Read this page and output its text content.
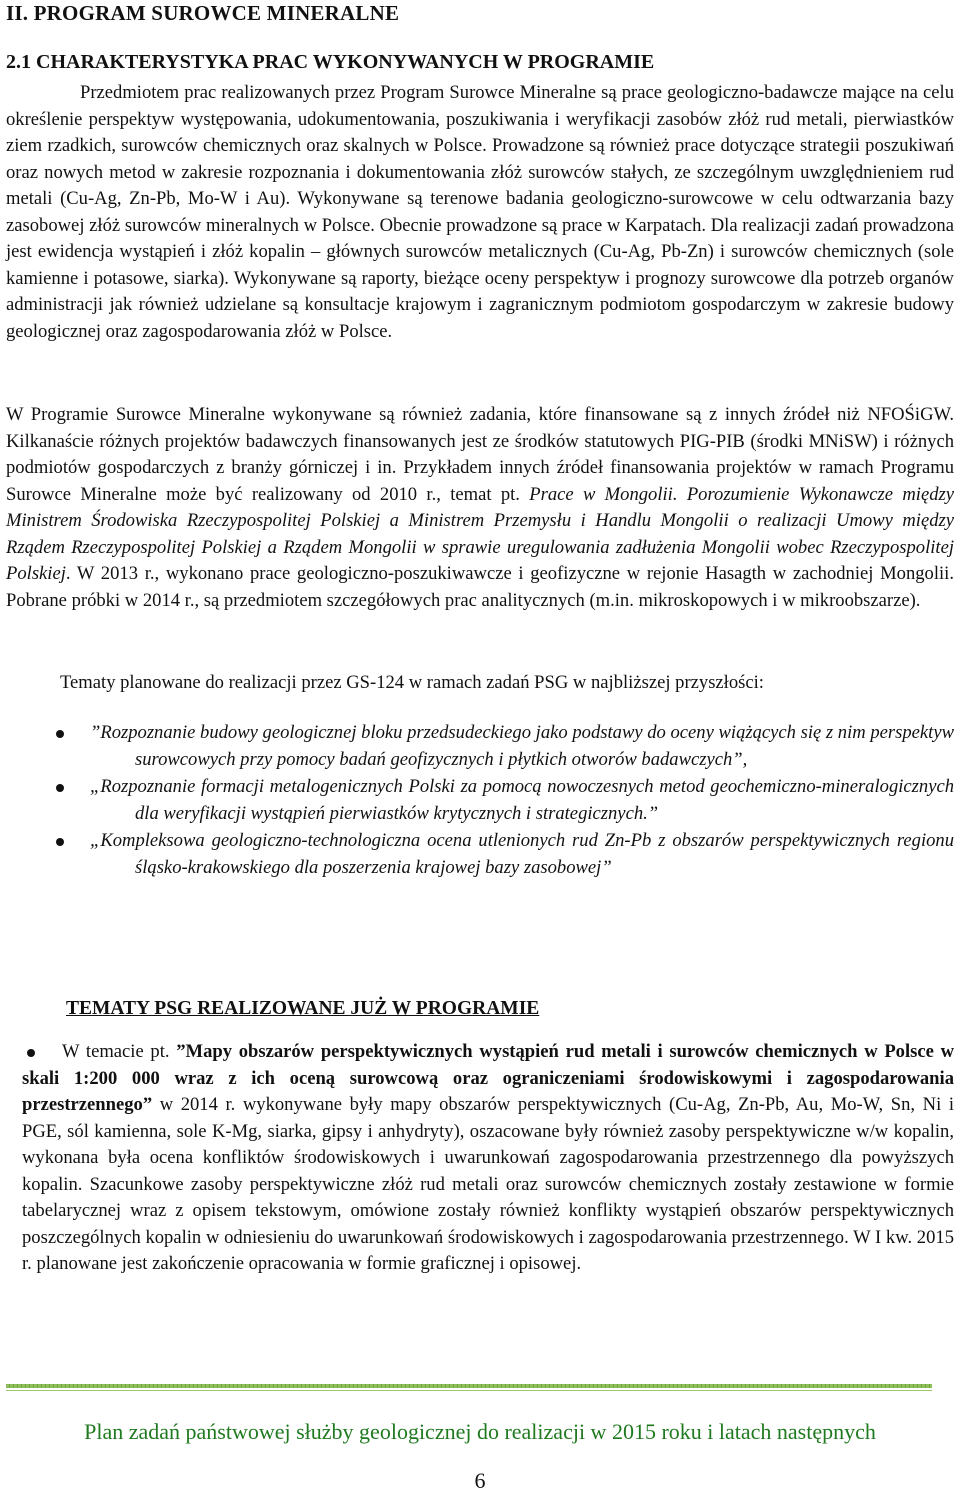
II. PROGRAM SUROWCE MINERALNE
2.1 CHARAKTERYSTYKA PRAC WYKONYWANYCH W PROGRAMIE
Przedmiotem prac realizowanych przez Program Surowce Mineralne są prace geologiczno-badawcze mające na celu określenie perspektyw występowania, udokumentowania, poszukiwania i weryfikacji zasobów złóż rud metali, pierwiastków ziem rzadkich, surowców chemicznych oraz skalnych w Polsce. Prowadzone są również prace dotyczące strategii poszukiwań oraz nowych metod w zakresie rozpoznania i dokumentowania złóż surowców stałych, ze szczególnym uwzględnieniem rud metali (Cu-Ag, Zn-Pb, Mo-W i Au). Wykonywane są terenowe badania geologiczno-surowcowe w celu odtwarzania bazy zasobowej złóż surowców mineralnych w Polsce. Obecnie prowadzone są prace w Karpatach. Dla realizacji zadań prowadzona jest ewidencja wystąpień i złóż kopalin – głównych surowców metalicznych (Cu-Ag, Pb-Zn) i surowców chemicznych (sole kamienne i potasowe, siarka). Wykonywane są raporty, bieżące oceny perspektyw i prognozy surowcowe dla potrzeb organów administracji jak również udzielane są konsultacje krajowym i zagranicznym podmiotom gospodarczym w zakresie budowy geologicznej oraz zagospodarowania złóż w Polsce.
W Programie Surowce Mineralne wykonywane są również zadania, które finansowane są z innych źródeł niż NFOŚiGW. Kilkanaście różnych projektów badawczych finansowanych jest ze środków statutowych PIG-PIB (środki MNiSW) i różnych podmiotów gospodarczych z branży górniczej i in. Przykładem innych źródeł finansowania projektów w ramach Programu Surowce Mineralne może być realizowany od 2010 r., temat pt. Prace w Mongolii. Porozumienie Wykonawcze między Ministrem Środowiska Rzeczypospolitej Polskiej a Ministrem Przemysłu i Handlu Mongolii o realizacji Umowy między Rządem Rzeczypospolitej Polskiej a Rządem Mongolii w sprawie uregulowania zadłużenia Mongolii wobec Rzeczypospolitej Polskiej. W 2013 r., wykonano prace geologiczno-poszukiwawcze i geofizyczne w rejonie Hasagth w zachodniej Mongolii. Pobrane próbki w 2014 r., są przedmiotem szczegółowych prac analitycznych (m.in. mikroskopowych i w mikroobszarze).
Tematy planowane do realizacji przez GS-124 w ramach zadań PSG w najbliższej przyszłości:
”Rozpoznanie budowy geologicznej bloku przedsudeckiego jako podstawy do oceny wiążących się z nim perspektyw surowcowych przy pomocy badań geofizycznych i płytkich otworów badawczych”,
„Rozpoznanie formacji metalogenicznych Polski za pomocą nowoczesnych metod geochemiczno-mineralogicznych dla weryfikacji wystąpień pierwiastków krytycznych i strategicznych.”
„Kompleksowa geologiczno-technologiczna ocena utlenionych rud Zn-Pb z obszarów perspektywicznych regionu śląsko-krakowskiego dla poszerzenia krajowej bazy zasobowej”
TEMATY PSG REALIZOWANE JUŻ W PROGRAMIE
W temacie pt. ”Mapy obszarów perspektywicznych wystąpień rud metali i surowców chemicznych w Polsce w skali 1:200 000 wraz z ich oceną surowcową oraz ograniczeniami środowiskowymi i zagospodarowania przestrzennego” w 2014 r. wykonywane były mapy obszarów perspektywicznych (Cu-Ag, Zn-Pb, Au, Mo-W, Sn, Ni i PGE, sól kamienna, sole K-Mg, siarka, gipsy i anhydryty), oszacowane były również zasoby perspektywiczne w/w kopalin, wykonana była ocena konfliktów środowiskowych i uwarunkowań zagospodarowania przestrzennego dla powyższych kopalin. Szacunkowe zasoby perspektywiczne złóż rud metali oraz surowców chemicznych zostały zestawione w formie tabelarycznej wraz z opisem tekstowym, omówione zostały również konflikty wystąpień obszarów perspektywicznych poszczególnych kopalin w odniesieniu do uwarunkowań środowiskowych i zagospodarowania przestrzennego. W I kw. 2015 r. planowane jest zakończenie opracowania w formie graficznej i opisowej.
Plan zadań państwowej służby geologicznej do realizacji w 2015 roku i latach następnych
6
